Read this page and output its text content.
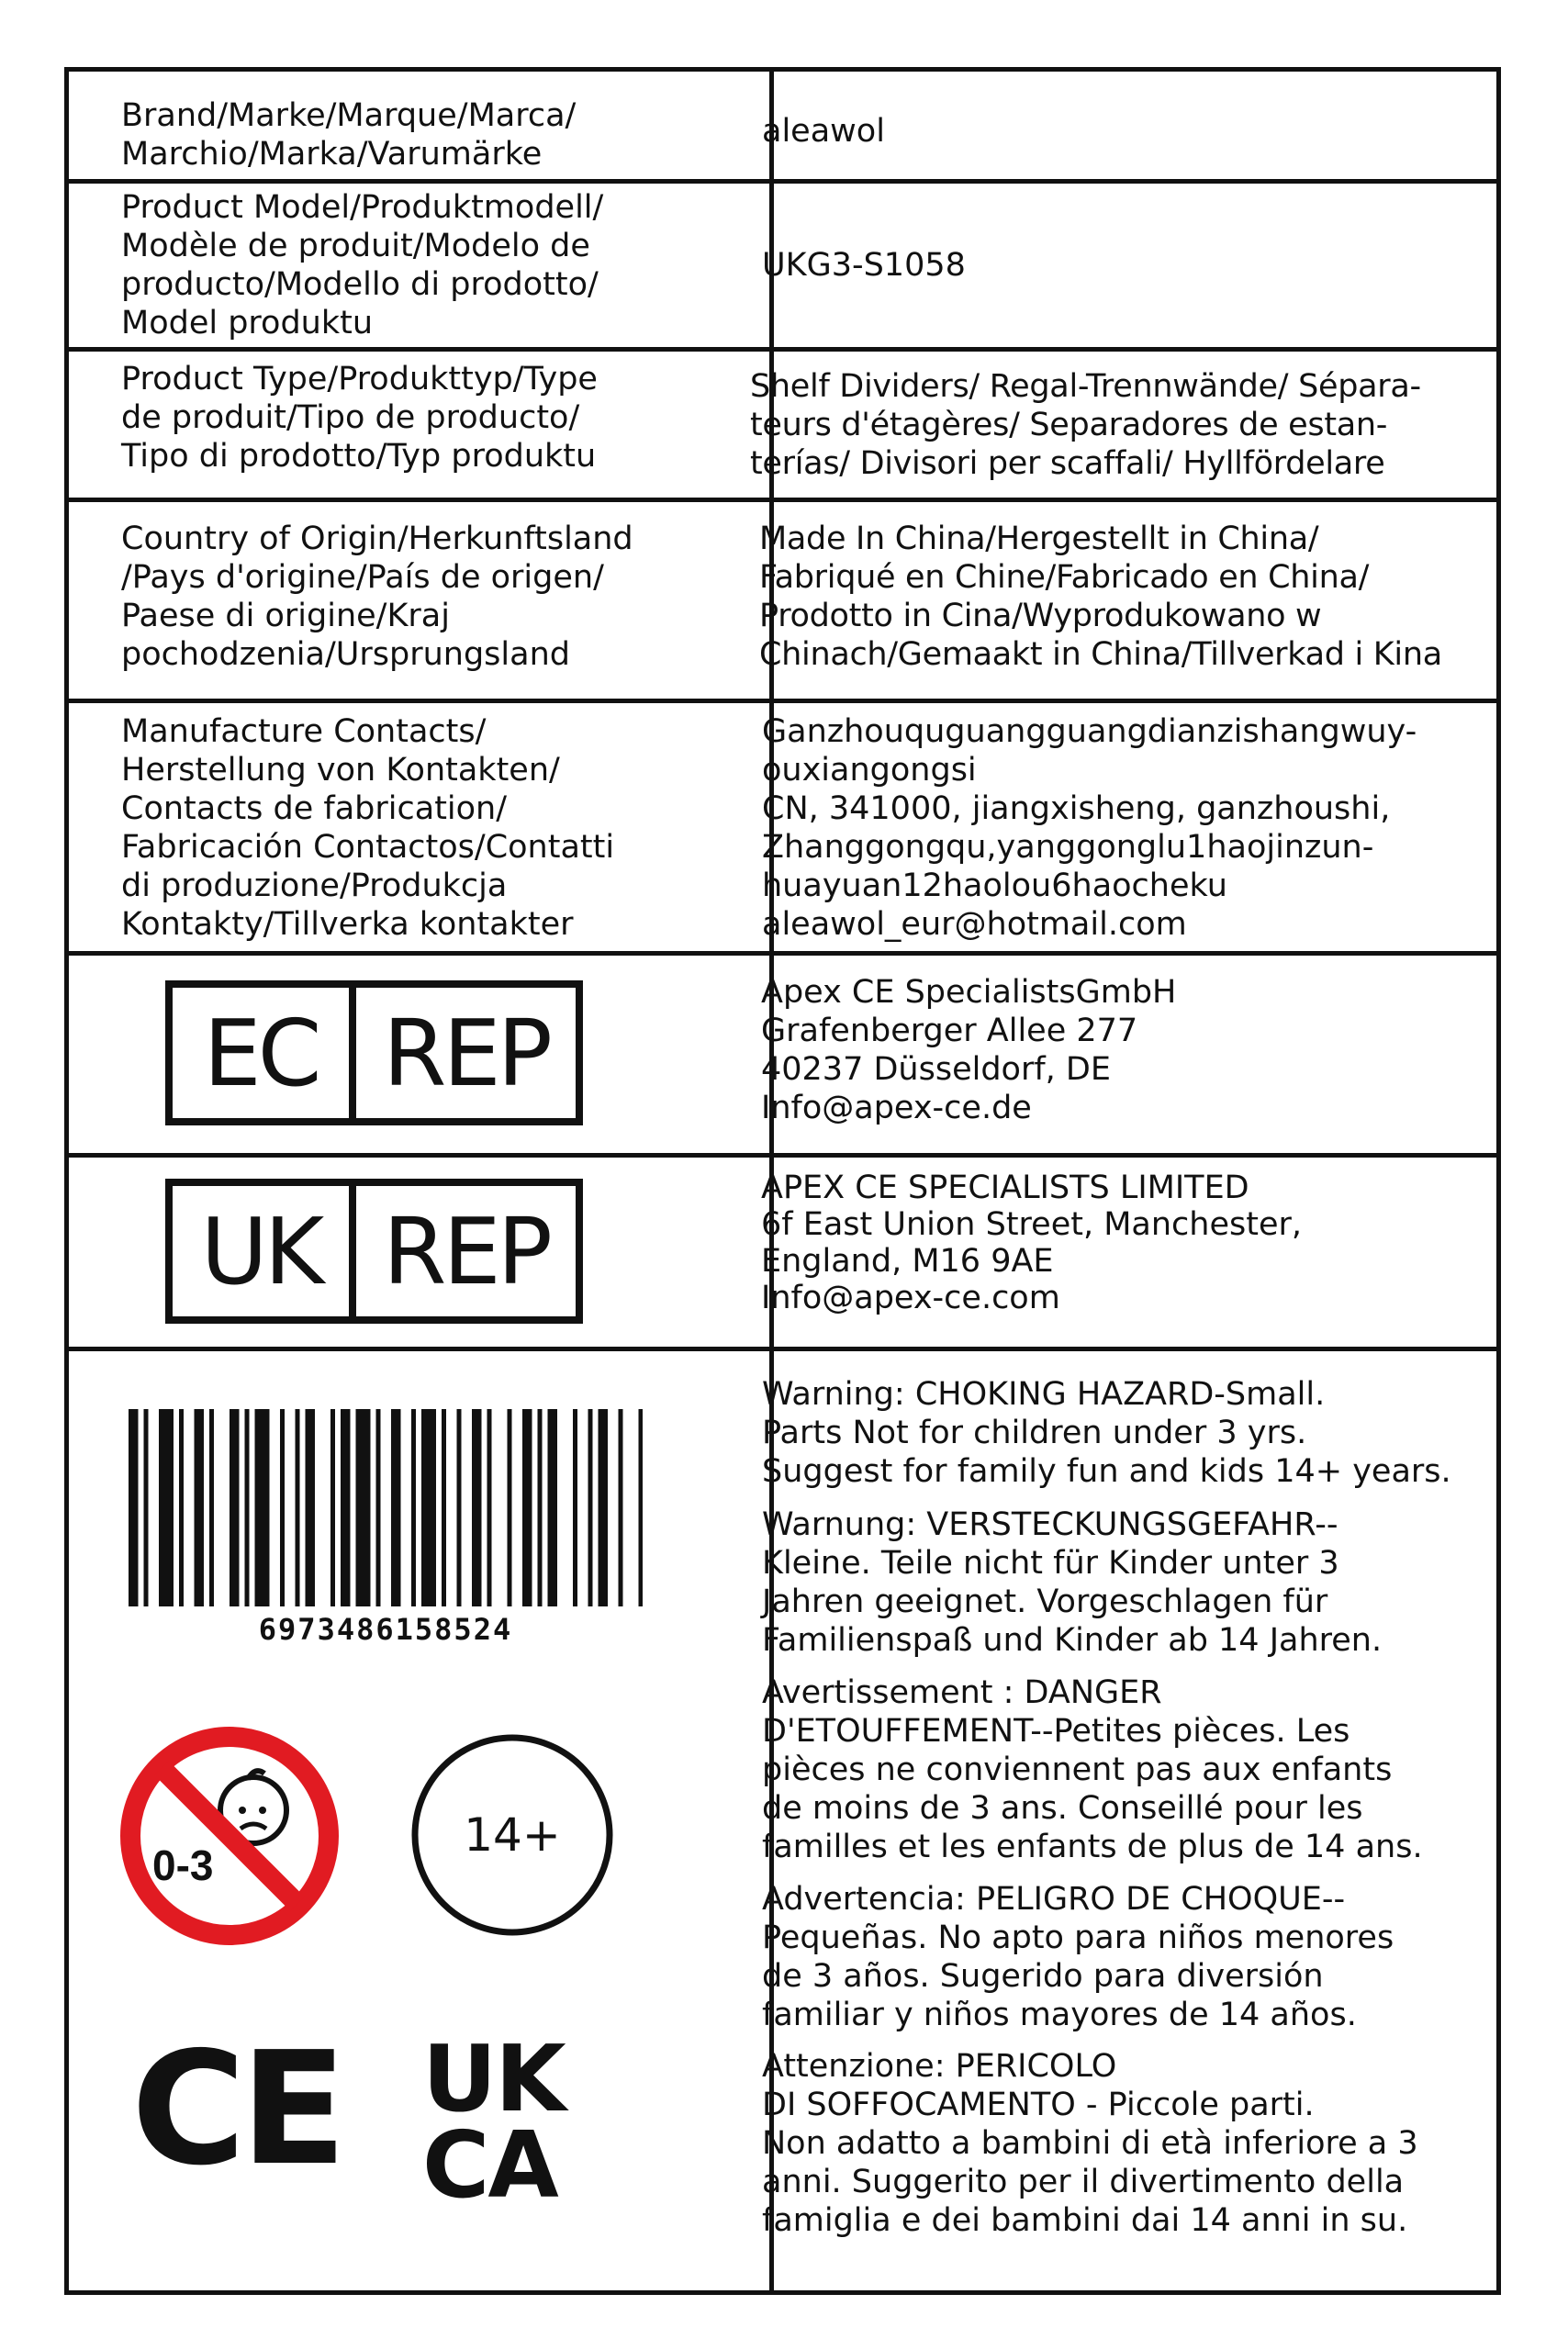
Brand/Marke/Marque/Marca/
Marchio/Marka/Varumärke
aleawol
Product Model/Produktmodell/
Modèle de produit/Modelo de
producto/Modello di prodotto/
Model produktu
UKG3-S1058
Product Type/Produkttyp/Type
de produit/Tipo de producto/
Tipo di prodotto/Typ produktu
Shelf Dividers/ Regal-Trennwände/ Sépara-
teurs d'étagères/ Separadores de estan-
terías/ Divisori per scaffali/ Hyllfördelare
Country of Origin/Herkunftsland
/Pays d'origine/País de origen/
Paese di origine/Kraj
pochodzenia/Ursprungsland
Made In China/Hergestellt in China/
Fabriqué en Chine/Fabricado en China/
Prodotto in Cina/Wyprodukowano w
Chinach/Gemaakt in China/Tillverkad i Kina
Manufacture Contacts/
Herstellung von Kontakten/
Contacts de fabrication/
Fabricación Contactos/Contatti
di produzione/Produkcja
Kontakty/Tillverka kontakter
Ganzhouquguangguangdianzishangwuy-
ouxiangongsi
CN, 341000, jiangxisheng, ganzhoushi,
Zhanggongqu,yanggonglu1haojinzun-
huayuan12haolou6haocheku
aleawol_eur@hotmail.com
EC REP
Apex CE SpecialistsGmbH
Grafenberger Allee 277
40237 Düsseldorf, DE
Info@apex-ce.de
UK REP
APEX CE SPECIALISTS LIMITED
6f East Union Street, Manchester,
England, M16 9AE
Info@apex-ce.com
6973486158524
0-3
14+
CE UK
CA
Warning: CHOKING HAZARD-Small.
Parts Not for children under 3 yrs.
Suggest for family fun and kids 14+ years.
Warnung: VERSTECKUNGSGEFAHR--
Kleine. Teile nicht für Kinder unter 3
Jahren geeignet. Vorgeschlagen für
Familienspaß und Kinder ab 14 Jahren.
Avertissement : DANGER
D'ETOUFFEMENT--Petites pièces. Les
pièces ne conviennent pas aux enfants
de moins de 3 ans. Conseillé pour les
familles et les enfants de plus de 14 ans.
Advertencia: PELIGRO DE CHOQUE--
Pequeñas. No apto para niños menores
de 3 años. Sugerido para diversión
familiar y niños mayores de 14 años.
Attenzione: PERICOLO
DI SOFFOCAMENTO - Piccole parti.
Non adatto a bambini di età inferiore a 3
anni. Suggerito per il divertimento della
famiglia e dei bambini dai 14 anni in su.
